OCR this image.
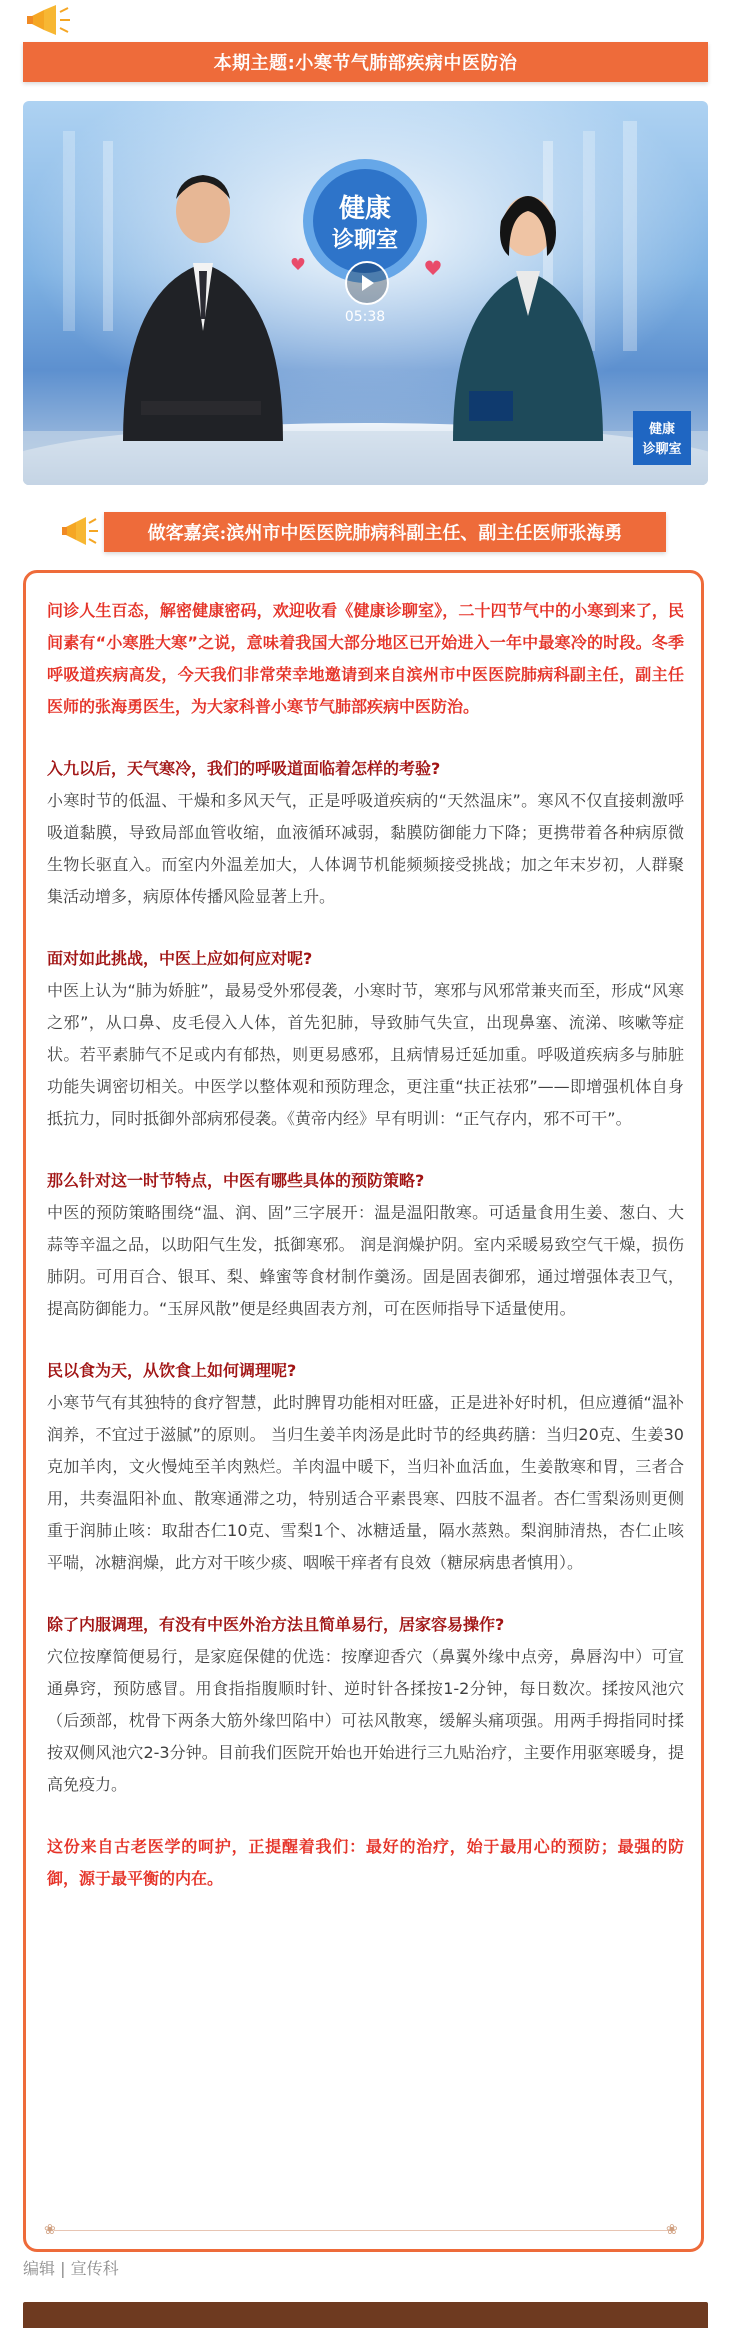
本期主题:小寒节气肺部疾病中医防治
健康
诊聊室
健康
诊聊室
05:38
做客嘉宾:滨州市中医医院肺病科副主任、副主任医师张海勇

问诊人生百态，解密健康密码，欢迎收看《健康诊聊室》，二十四节气中的小寒到来了，民间素有“小寒胜大寒”之说，意味着我国大部分地区已开始进入一年中最寒冷的时段。冬季呼吸道疾病高发，今天我们非常荣幸地邀请到来自滨州市中医医院肺病科副主任，副主任医师的张海勇医生，为大家科普小寒节气肺部疾病中医防治。

入九以后，天气寒冷，我们的呼吸道面临着怎样的考验?

小寒时节的低温、干燥和多风天气，正是呼吸道疾病的“天然温床”。寒风不仅直接刺激呼吸道黏膜，导致局部血管收缩，血液循环减弱，黏膜防御能力下降；更携带着各种病原微生物长驱直入。而室内外温差加大，人体调节机能频频接受挑战；加之年末岁初，人群聚集活动增多，病原体传播风险显著上升。

面对如此挑战，中医上应如何应对呢?

中医上认为“肺为娇脏”，最易受外邪侵袭，小寒时节，寒邪与风邪常兼夹而至，形成“风寒之邪”，从口鼻、皮毛侵入人体，首先犯肺，导致肺气失宣，出现鼻塞、流涕、咳嗽等症状。若平素肺气不足或内有郁热，则更易感邪，且病情易迁延加重。呼吸道疾病多与肺脏功能失调密切相关。中医学以整体观和预防理念，更注重“扶正祛邪”——即增强机体自身抵抗力，同时抵御外部病邪侵袭。《黄帝内经》早有明训：“正气存内，邪不可干”。

那么针对这一时节特点，中医有哪些具体的预防策略?

中医的预防策略围绕“温、润、固”三字展开：温是温阳散寒。可适量食用生姜、葱白、大蒜等辛温之品，以助阳气生发，抵御寒邪。 润是润燥护阴。室内采暖易致空气干燥，损伤肺阴。可用百合、银耳、梨、蜂蜜等食材制作羹汤。固是固表御邪，通过增强体表卫气，提高防御能力。“玉屏风散”便是经典固表方剂，可在医师指导下适量使用。

民以食为天，从饮食上如何调理呢?

小寒节气有其独特的食疗智慧，此时脾胃功能相对旺盛，正是进补好时机，但应遵循“温补润养，不宜过于滋腻”的原则。 当归生姜羊肉汤是此时节的经典药膳：当归20克、生姜30克加羊肉，文火慢炖至羊肉熟烂。羊肉温中暖下，当归补血活血，生姜散寒和胃，三者合用，共奏温阳补血、散寒通滞之功，特别适合平素畏寒、四肢不温者。杏仁雪梨汤则更侧重于润肺止咳：取甜杏仁10克、雪梨1个、冰糖适量，隔水蒸熟。梨润肺清热，杏仁止咳平喘，冰糖润燥，此方对干咳少痰、咽喉干痒者有良效（糖尿病患者慎用）。

除了内服调理，有没有中医外治方法且简单易行，居家容易操作?

穴位按摩简便易行，是家庭保健的优选：按摩迎香穴（鼻翼外缘中点旁，鼻唇沟中）可宣通鼻窍，预防感冒。用食指指腹顺时针、逆时针各揉按1-2分钟，每日数次。揉按风池穴（后颈部，枕骨下两条大筋外缘凹陷中）可祛风散寒，缓解头痛项强。用两手拇指同时揉按双侧风池穴2-3分钟。目前我们医院开始也开始进行三九贴治疗，主要作用驱寒暖身，提高免疫力。

这份来自古老医学的呵护，正提醒着我们：最好的治疗，始于最用心的预防；最强的防御，源于最平衡的内在。

❀	❀
编辑 | 宣传科
